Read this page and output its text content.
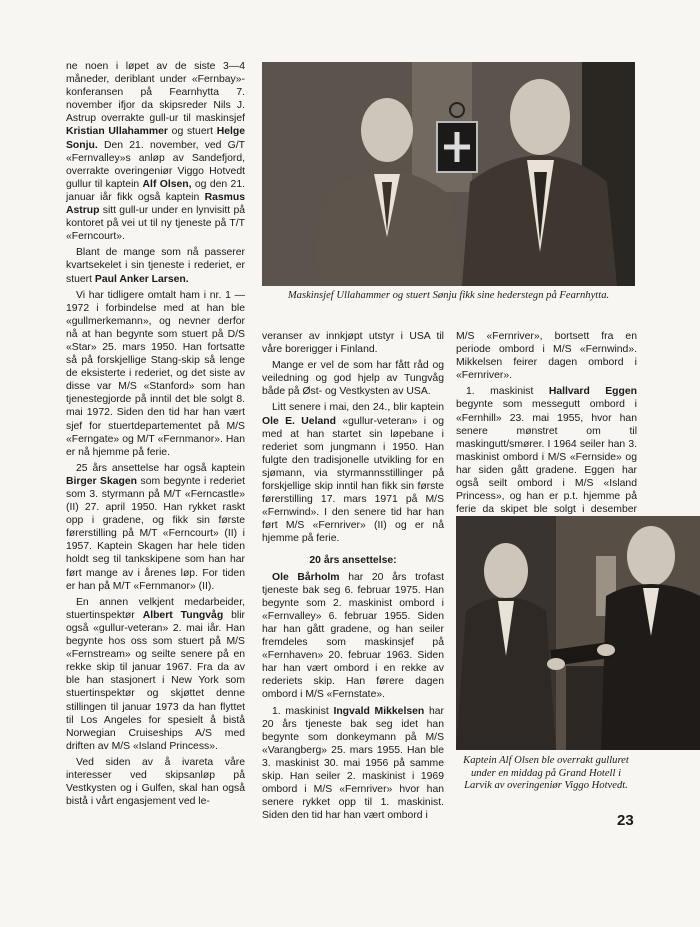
ne noen i løpet av de siste 3—4 måneder, deriblant under «Fernbay»-konferansen på Fearnhytta 7. november ifjor da skipsreder Nils J. Astrup overrakte gull-ur til maskinsjef Kristian Ullahammer og stuert Helge Sonju. Den 21. november, ved G/T «Fernvalley»s anløp av Sandefjord, overrakte overingeniør Viggo Hotvedt gullur til kaptein Alf Olsen, og den 21. januar iår fikk også kaptein Rasmus Astrup sitt gull-ur under en lynvisitt på kontoret på vei ut til ny tjeneste på T/T «Ferncourt».

Blant de mange som nå passerer kvartsekelet i sin tjeneste i rederiet, er stuert Paul Anker Larsen.

Vi har tidligere omtalt ham i nr. 1 — 1972 i forbindelse med at han ble «gullmerkemann», og nevner derfor nå at han begynte som stuert på D/S «Star» 25. mars 1950. Han fortsatte så på forskjellige Stang-skip så lenge de eksisterte i rederiet, og det siste av disse var M/S «Stanford» som han tjenestegjorde på inntil det ble solgt 8. mai 1972. Siden den tid har han vært sjef for stuertdepartementet på M/S «Ferngate» og M/T «Fernmanor». Han er nå hjemme på ferie.

25 års ansettelse har også kaptein Birger Skagen som begynte i rederiet som 3. styrmann på M/T «Ferncastle» (II) 27. april 1950. Han rykket raskt opp i gradene, og fikk sin første førerstilling på M/T «Ferncourt» (II) i 1957. Kaptein Skagen har hele tiden holdt seg til tankskipene som han har ført mange av i årenes løp. For tiden er han på M/T «Fernmanor» (II).

En annen velkjent medarbeider, stuertinspektør Albert Tungvåg blir også «gullur-veteran» 2. mai iår. Han begynte hos oss som stuert på M/S «Fernstream» og seilte senere på en rekke skip til januar 1967. Fra da av ble han stasjonert i New York som stuertinspektør og skjøttet denne stillingen til januar 1973 da han flyttet til Los Angeles for spesielt å bistå Norwegian Cruiseships A/S med driften av M/S «Island Princess».

Ved siden av å ivareta våre interesser ved skipsanløp på Vestkysten og i Gulfen, skal han også bistå i vårt engasjement ved le-

Maskinsjef Ullahammer og stuert Sønju fikk sine hederstegn på Fearnhytta.

veranser av innkjøpt utstyr i USA til våre borerigger i Finland.

Mange er vel de som har fått råd og veiledning og god hjelp av Tungvåg både på Øst- og Vestkysten av USA.

Litt senere i mai, den 24., blir kaptein Ole E. Ueland «gullur-veteran» i og med at han startet sin løpebane i rederiet som jungmann i 1950. Han fulgte den tradisjonelle utvikling for en sjømann, via styrmannsstillinger på forskjellige skip inntil han fikk sin første førerstilling 17. mars 1971 på M/S «Fernwind». I den senere tid har han ført M/S «Fernriver» (II) og er nå hjemme på ferie.

20 års ansettelse:

Ole Bårholm har 20 års trofast tjeneste bak seg 6. februar 1975. Han begynte som 2. maskinist ombord i «Fernvalley» 6. februar 1955. Siden har han gått gradene, og han seiler fremdeles som maskinsjef på «Fernhaven» 20. februar 1963. Siden har han vært ombord i en rekke av rederiets skip. Han førere dagen ombord i M/S «Fernstate».

1. maskinist Ingvald Mikkelsen har 20 års tjeneste bak seg idet han begynte som donkeymann på M/S «Varangberg» 25. mars 1955. Han ble 3. maskinist 30. mai 1956 på samme skip. Han seiler 2. maskinist i 1969 ombord i M/S «Fernriver» hvor han senere rykket opp til 1. maskinist. Siden den tid har han vært ombord i

M/S «Fernriver», bortsett fra en periode ombord i M/S «Fernwind». Mikkelsen feirer dagen ombord i «Fernriver».

1. maskinist Hallvard Eggen begynte som messegutt ombord i «Fernhill» 23. mai 1955, hvor han senere mønstret om til maskingutt/smører. I 1964 seiler han 3. maskinist ombord i M/S «Fernside» og har siden gått gradene. Eggen har også seilt ombord i M/S «Island Princess», og han er p.t. hjemme på ferie da skipet ble solgt i desember

Kaptein Alf Olsen ble overrakt gulluret under en middag på Grand Hotell i Larvik av overingeniør Viggo Hotvedt.
23
